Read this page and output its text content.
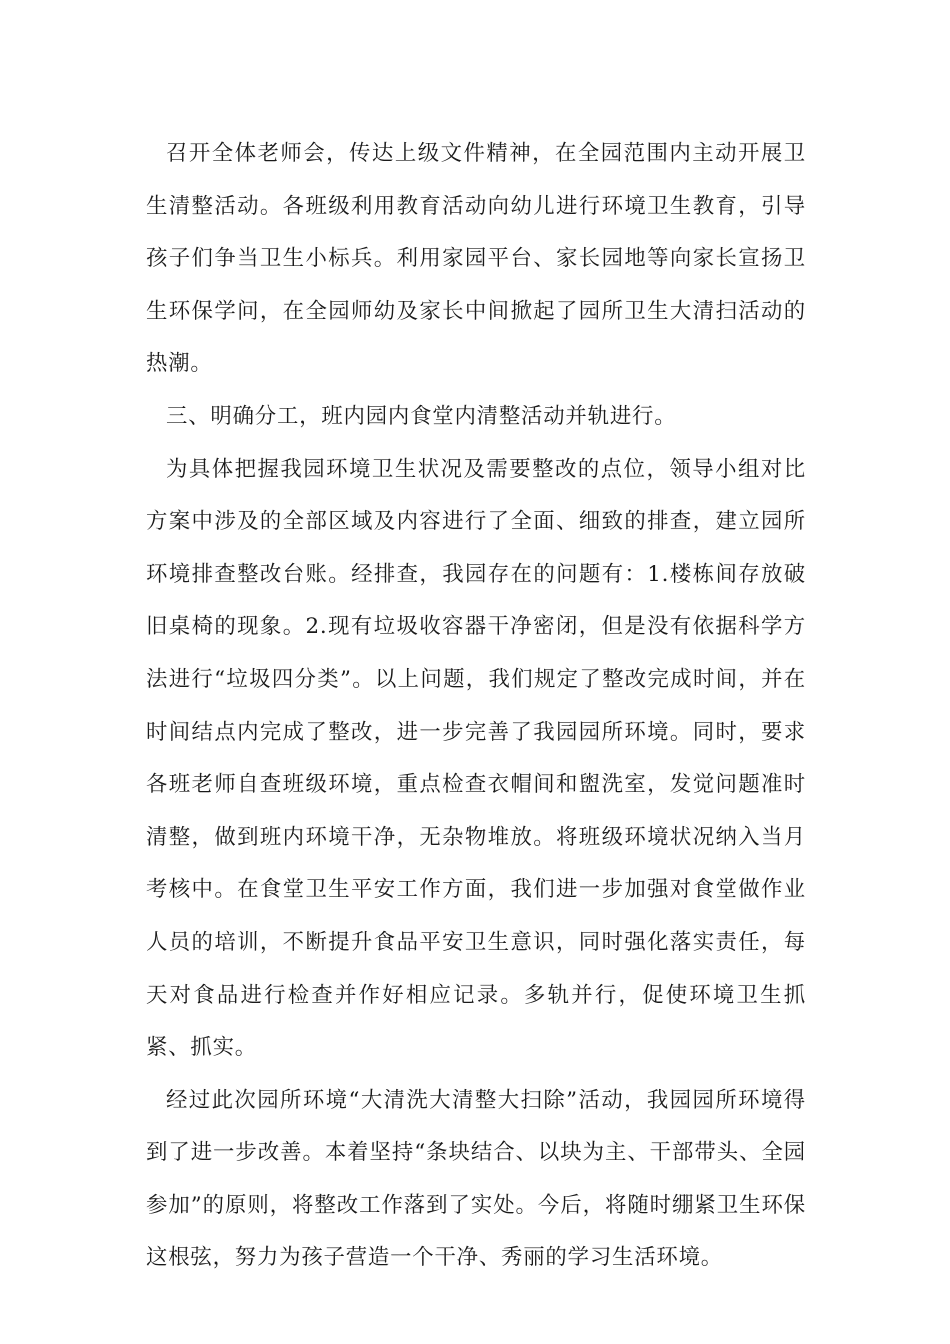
召开全体老师会，传达上级文件精神，在全园范围内主动开展卫生清整活动。各班级利用教育活动向幼儿进行环境卫生教育，引导孩子们争当卫生小标兵。利用家园平台、家长园地等向家长宣扬卫生环保学问，在全园师幼及家长中间掀起了园所卫生大清扫活动的热潮。

三、明确分工，班内园内食堂内清整活动并轨进行。

为具体把握我园环境卫生状况及需要整改的点位，领导小组对比方案中涉及的全部区域及内容进行了全面、细致的排查，建立园所环境排查整改台账。经排查，我园存在的问题有：1.楼栋间存放破旧桌椅的现象。2.现有垃圾收容器干净密闭，但是没有依据科学方法进行“垃圾四分类”。以上问题，我们规定了整改完成时间，并在时间结点内完成了整改，进一步完善了我园园所环境。同时，要求各班老师自查班级环境，重点检查衣帽间和盥洗室，发觉问题准时清整，做到班内环境干净，无杂物堆放。将班级环境状况纳入当月考核中。在食堂卫生平安工作方面，我们进一步加强对食堂做作业人员的培训，不断提升食品平安卫生意识，同时强化落实责任，每天对食品进行检查并作好相应记录。多轨并行，促使环境卫生抓紧、抓实。

经过此次园所环境“大清洗大清整大扫除”活动，我园园所环境得到了进一步改善。本着坚持“条块结合、以块为主、干部带头、全园参加”的原则，将整改工作落到了实处。今后，将随时绷紧卫生环保这根弦，努力为孩子营造一个干净、秀丽的学习生活环境。
